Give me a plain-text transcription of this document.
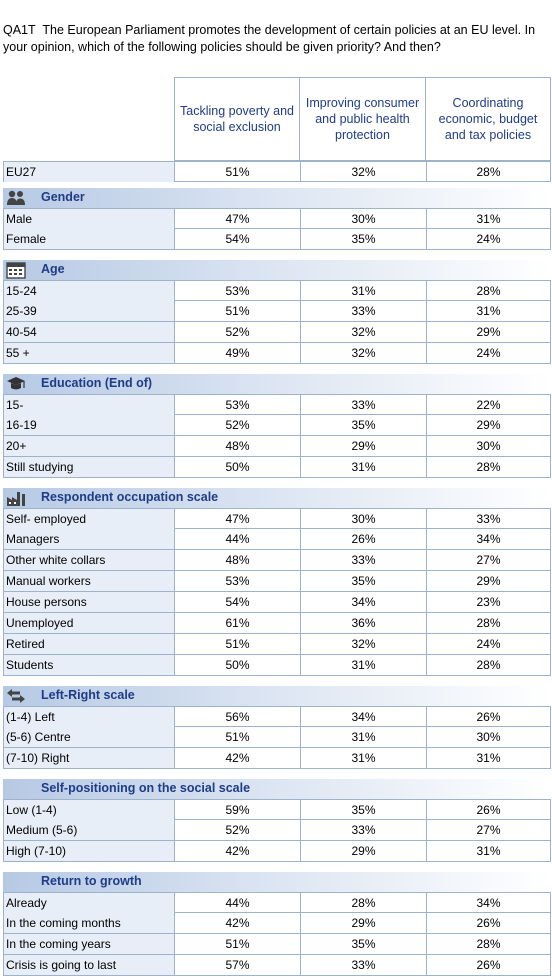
QA1T The European Parliament promotes the development of certain policies at an EU level. In your opinion, which of the following policies should be given priority? And then?
Tackling poverty and social exclusion
Improving consumer and public health protection
Coordinating economic, budget and tax policies
EU27	51%	32%	28%
Gender
Male	47%	30%	31%
Female	54%	35%	24%
Age
15-24	53%	31%	28%
25-39	51%	33%	31%
40-54	52%	32%	29%
55 +	49%	32%	24%
Education (End of)
15-	53%	33%	22%
16-19	52%	35%	29%
20+	48%	29%	30%
Still studying	50%	31%	28%
Respondent occupation scale
Self- employed	47%	30%	33%
Managers	44%	26%	34%
Other white collars	48%	33%	27%
Manual workers	53%	35%	29%
House persons	54%	34%	23%
Unemployed	61%	36%	28%
Retired	51%	32%	24%
Students	50%	31%	28%
Left-Right scale
(1-4) Left	56%	34%	26%
(5-6) Centre	51%	31%	30%
(7-10) Right	42%	31%	31%
Self-positioning on the social scale
Low (1-4)	59%	35%	26%
Medium (5-6)	52%	33%	27%
High (7-10)	42%	29%	31%
Return to growth
Already	44%	28%	34%
In the coming months	42%	29%	26%
In the coming years	51%	35%	28%
Crisis is going to last	57%	33%	26%
